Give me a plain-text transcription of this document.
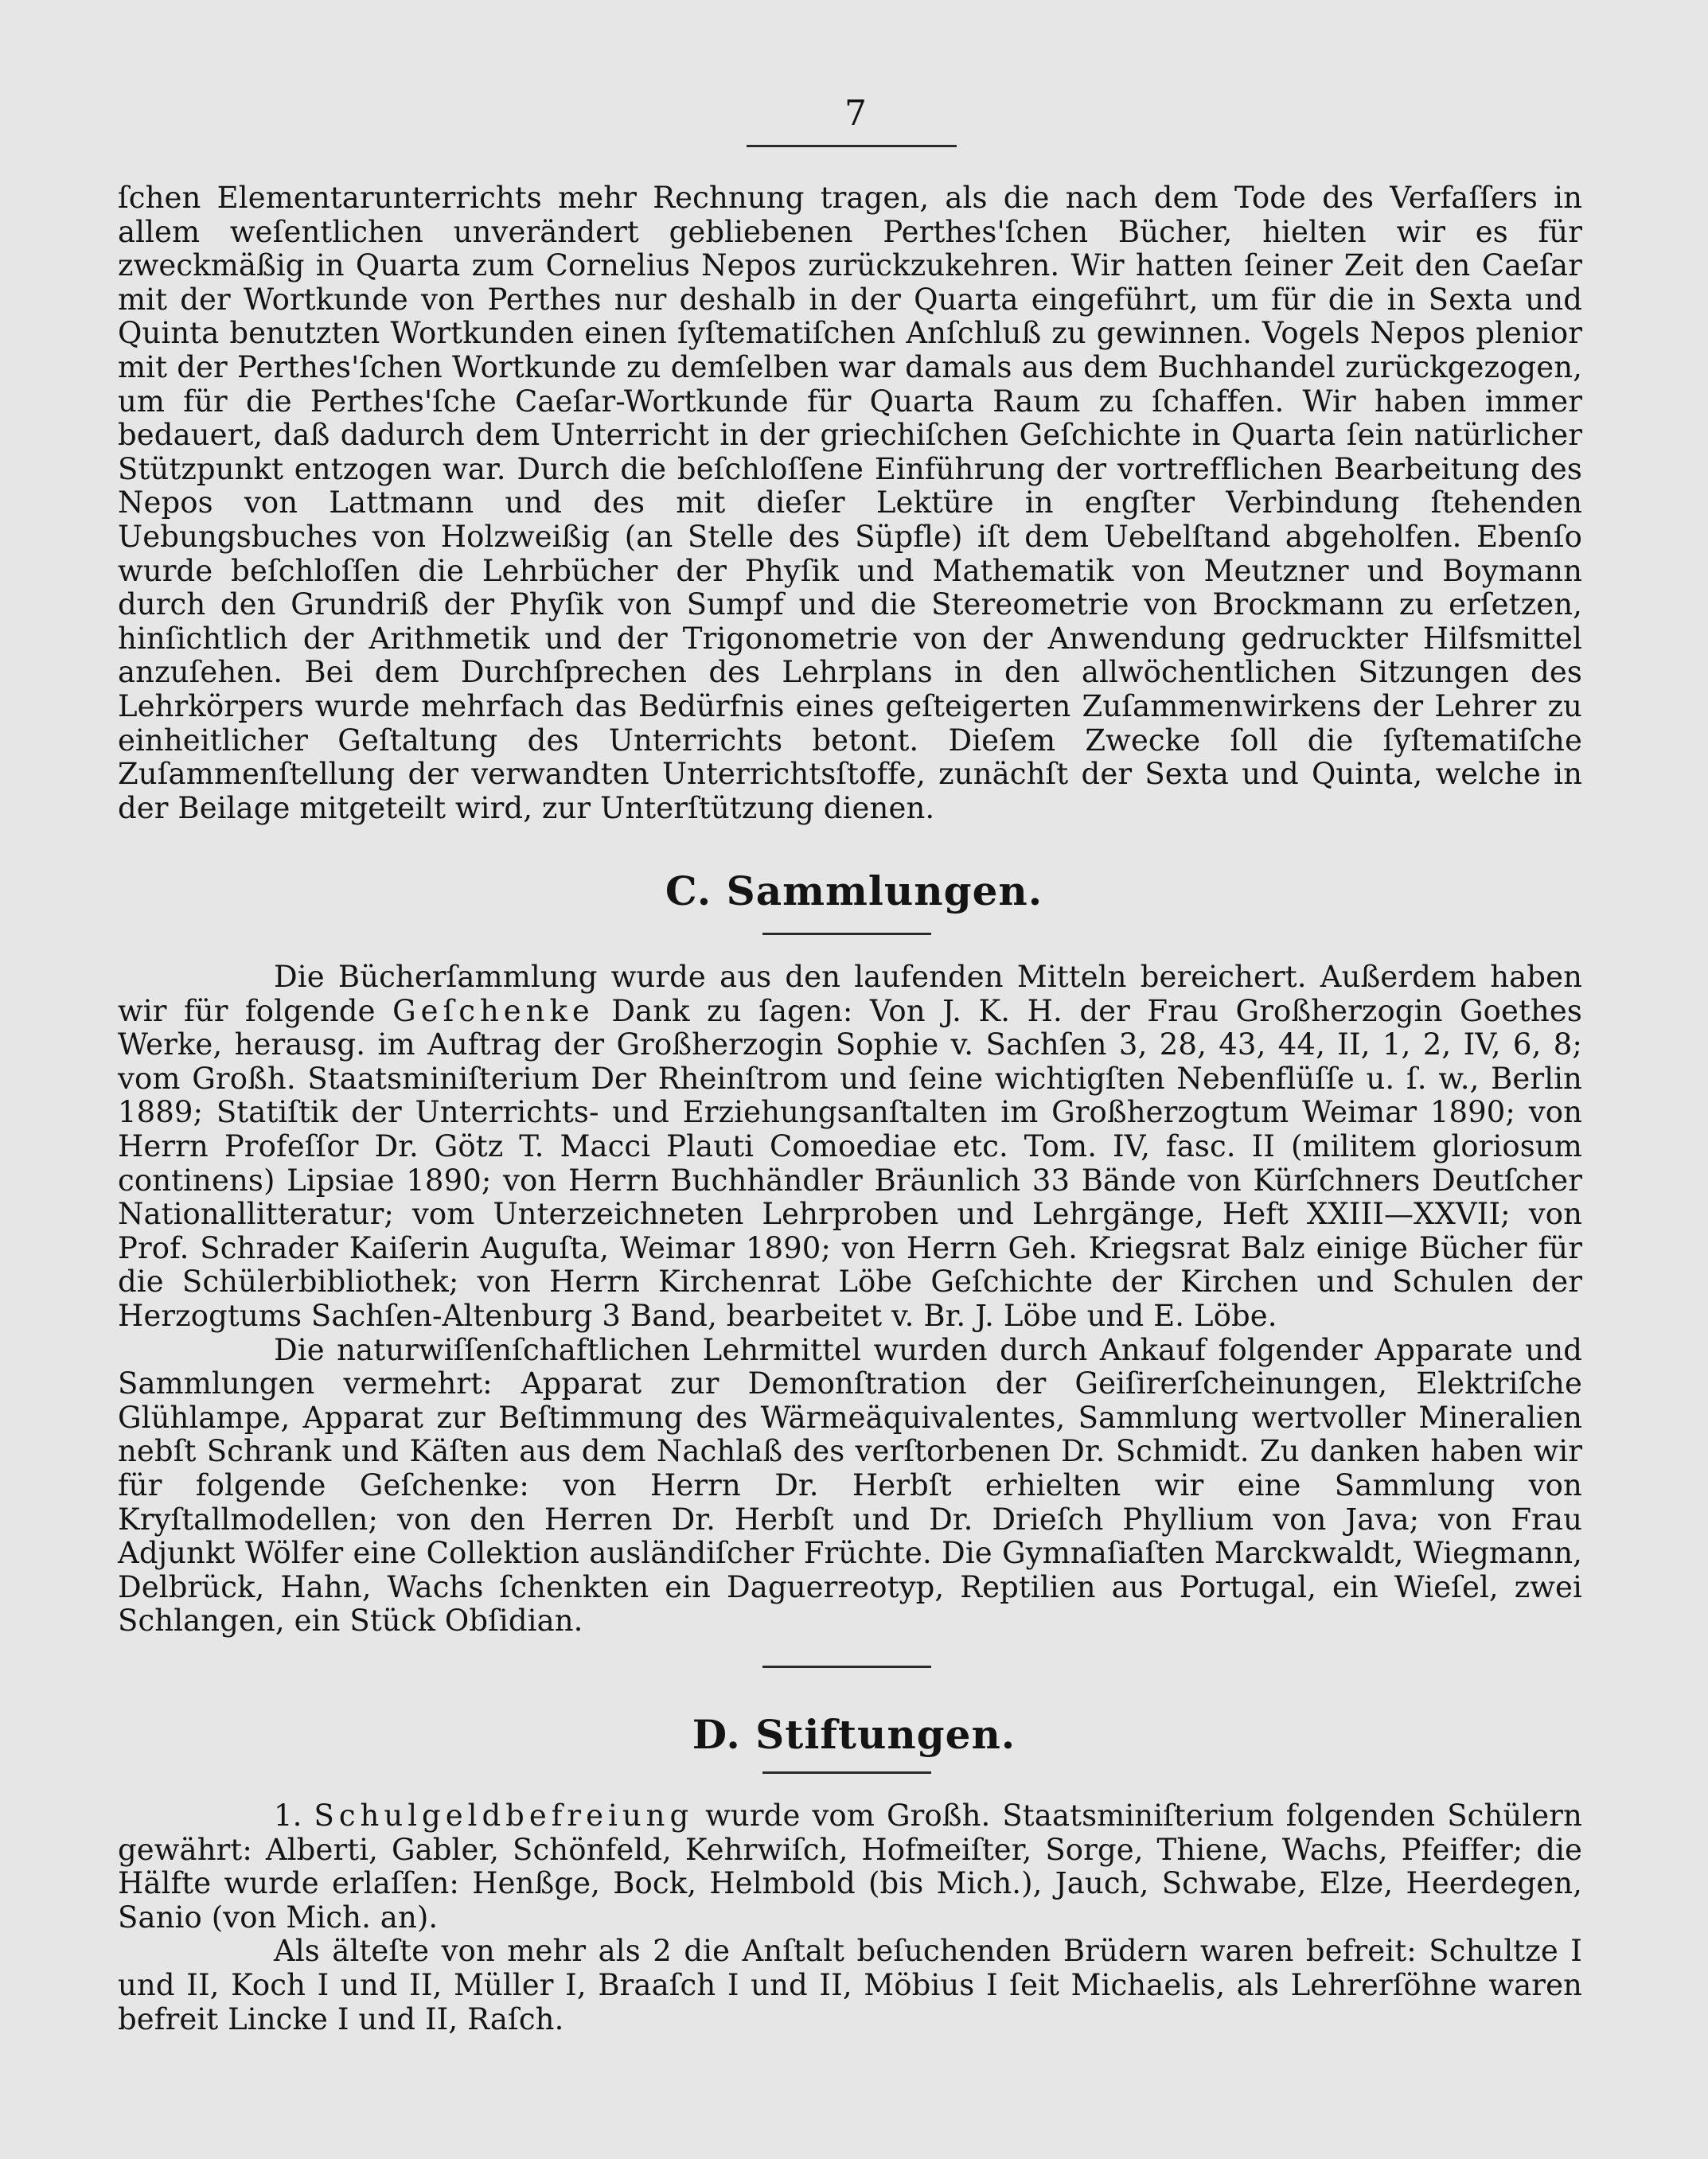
7

ſchen Elementarunterrichts mehr Rechnung tragen, als die nach dem Tode des Verfaſſers in allem weſentlichen unverändert gebliebenen Perthes'ſchen Bücher, hielten wir es für zweckmäßig in Quarta zum Cornelius Nepos zurückzukehren. Wir hatten ſeiner Zeit den Caeſar mit der Wortkunde von Perthes nur deshalb in der Quarta eingeführt, um für die in Sexta und Quinta benutzten Wortkunden einen ſyſtematiſchen Anſchluß zu gewinnen. Vogels Nepos plenior mit der Perthes'ſchen Wortkunde zu demſelben war damals aus dem Buchhandel zurückgezogen, um für die Perthes'ſche Caeſar-Wortkunde für Quarta Raum zu ſchaffen. Wir haben immer bedauert, daß dadurch dem Unterricht in der griechiſchen Geſchichte in Quarta ſein natürlicher Stützpunkt entzogen war. Durch die beſchloſſene Einführung der vortrefflichen Bearbeitung des Nepos von Lattmann und des mit dieſer Lektüre in engſter Verbindung ſtehenden Uebungsbuches von Holzweißig (an Stelle des Süpfle) iſt dem Uebelſtand abgeholfen. Ebenſo wurde beſchloſſen die Lehrbücher der Phyſik und Mathematik von Meutzner und Boymann durch den Grundriß der Phyſik von Sumpf und die Stereometrie von Brockmann zu erſetzen, hinſichtlich der Arithmetik und der Trigonometrie von der Anwendung gedruckter Hilfsmittel anzuſehen. Bei dem Durchſprechen des Lehrplans in den allwöchentlichen Sitzungen des Lehrkörpers wurde mehrfach das Bedürfnis eines geſteigerten Zuſammenwirkens der Lehrer zu einheitlicher Geſtaltung des Unterrichts betont. Dieſem Zwecke ſoll die ſyſtematiſche Zuſammenſtellung der verwandten Unterrichtsſtoffe, zunächſt der Sexta und Quinta, welche in der Beilage mitgeteilt wird, zur Unterſtützung dienen.

C. Sammlungen.

Die Bücherſammlung wurde aus den laufenden Mitteln bereichert. Außerdem haben wir für folgende Geſchenke Dank zu ſagen: Von J. K. H. der Frau Großherzogin Goethes Werke, herausg. im Auftrag der Großherzogin Sophie v. Sachſen 3, 28, 43, 44, II, 1, 2, IV, 6, 8; vom Großh. Staatsminiſterium Der Rheinſtrom und ſeine wichtigſten Nebenflüſſe u. ſ. w., Berlin 1889; Statiſtik der Unterrichts- und Erziehungsanſtalten im Großherzogtum Weimar 1890; von Herrn Profeſſor Dr. Götz T. Macci Plauti Comoediae etc. Tom. IV, fasc. II (militem gloriosum continens) Lipsiae 1890; von Herrn Buchhändler Bräunlich 33 Bände von Kürſchners Deutſcher Nationallitteratur; vom Unterzeichneten Lehrproben und Lehrgänge, Heft XXIII—XXVII; von Prof. Schrader Kaiſerin Auguſta, Weimar 1890; von Herrn Geh. Kriegsrat Balz einige Bücher für die Schülerbibliothek; von Herrn Kirchenrat Löbe Geſchichte der Kirchen und Schulen der Herzogtums Sachſen-Altenburg 3 Band, bearbeitet v. Br. J. Löbe und E. Löbe.

Die naturwiſſenſchaftlichen Lehrmittel wurden durch Ankauf folgender Apparate und Sammlungen vermehrt: Apparat zur Demonſtration der Geiſirerſcheinungen, Elektriſche Glühlampe, Apparat zur Beſtimmung des Wärmeäquivalentes, Sammlung wertvoller Mineralien nebſt Schrank und Käſten aus dem Nachlaß des verſtorbenen Dr. Schmidt. Zu danken haben wir für folgende Geſchenke: von Herrn Dr. Herbſt erhielten wir eine Sammlung von Kryſtallmodellen; von den Herren Dr. Herbſt und Dr. Drieſch Phyllium von Java; von Frau Adjunkt Wölfer eine Collektion ausländiſcher Früchte. Die Gymnaſiaſten Marckwaldt, Wiegmann, Delbrück, Hahn, Wachs ſchenkten ein Daguerreotyp, Reptilien aus Portugal, ein Wieſel, zwei Schlangen, ein Stück Obſidian.

D. Stiftungen.

1. Schulgeldbefreiung wurde vom Großh. Staatsminiſterium folgenden Schülern gewährt: Alberti, Gabler, Schönfeld, Kehrwiſch, Hofmeiſter, Sorge, Thiene, Wachs, Pfeiffer; die Hälfte wurde erlaſſen: Henßge, Bock, Helmbold (bis Mich.), Jauch, Schwabe, Elze, Heerdegen, Sanio (von Mich. an).

Als älteſte von mehr als 2 die Anſtalt beſuchenden Brüdern waren befreit: Schultze I und II, Koch I und II, Müller I, Braaſch I und II, Möbius I ſeit Michaelis, als Lehrerſöhne waren befreit Lincke I und II, Raſch.
